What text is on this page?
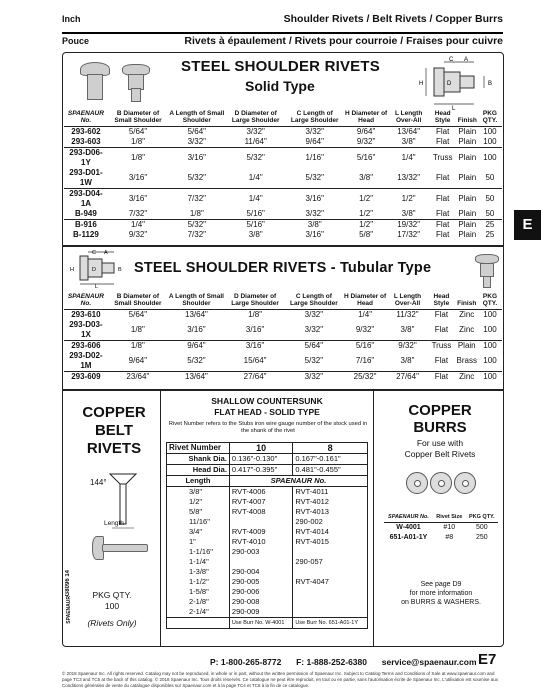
Inch	Shoulder Rivets / Belt Rivets / Copper Burrs
Pouce	Rivets à épaulement / Rivets pour courroie / Fraises pour cuivre
E
STEEL SHOULDER RIVETS
Solid Type
C A
H	D	B
L
SPAENAUR No.	B Diameter of Small Shoulder	A Length of Small Shoulder	D Diameter of Large Shoulder	C Length of Large Shoulder	H Diameter of Head	L Length Over-All	Head Style	Finish	PKG QTY.
293-602	5/64"	5/64"	3/32"	3/32"	9/64"	13/64"	Flat	Plain	100
293-603	1/8"	3/32"	11/64"	9/64"	9/32"	3/8"	Flat	Plain	100
293-D06-1Y	1/8"	3/16"	5/32"	1/16"	5/16"	1/4"	Truss	Plain	100
293-D01-1W	3/16"	5/32"	1/4"	5/32"	3/8"	13/32"	Flat	Plain	50
293-D04-1A	3/16"	7/32"	1/4"	3/16"	1/2"	1/2"	Flat	Plain	50
B-949	7/32"	1/8"	5/16"	3/32"	1/2"	3/8"	Flat	Plain	50
B-916	1/4"	5/32"	5/16"	3/8"	1/2"	19/32"	Flat	Plain	25
B-1129	9/32"	7/32"	3/8"	3/16"	5/8"	17/32"	Flat	Plain	25
C A
H	D	B
L
STEEL SHOULDER RIVETS - Tubular Type
SPAENAUR No.	B Diameter of Small Shoulder	A Length of Small Shoulder	D Diameter of Large Shoulder	C Length of Large Shoulder	H Diameter of Head	L Length Over-All	Head Style	Finish	PKG QTY.
293-610	5/64"	13/64"	1/8"	3/32"	1/4"	11/32"	Flat	Zinc	100
293-D03-1X	1/8"	3/16"	3/16"	3/32"	9/32"	3/8"	Flat	Zinc	100
293-606	1/8"	9/64"	3/16"	5/64"	5/16"	9/32"	Truss	Plain	100
293-D02-1M	9/64"	5/32"	15/64"	5/32"	7/16"	3/8"	Flat	Brass	100
293-609	23/64"	13/64"	27/64"	3/32"	25/32"	27/64"	Flat	Zinc	100
COPPER
BELT
RIVETS
144°
Length
G8096 14
SPAENAUR
PKG QTY.
100
(Rivets Only)
SHALLOW COUNTERSUNK
FLAT HEAD - SOLID TYPE
Rivet Number refers to the Stubs iron wire gauge number of the stock used in the shank of the rivet
Rivet Number	10	8
Shank Dia.	0.136"-0.130"	0.167"-0.161"
Head Dia.	0.417"-0.395"	0.481"-0.455"
Length	SPAENAUR No.	
3/8"	RVT-4006	RVT-4011
1/2"	RVT-4007	RVT-4012
5/8"	RVT-4008	RVT-4013
11/16"		290-002
3/4"	RVT-4009	RVT-4014
1"	RVT-4010	RVT-4015
1-1/16"	290-003	
1-1/4"		290-057
1-3/8"	290-004	
1-1/2"	290-005	RVT-4047
1-5/8"	290-006	
2-1/8"	290-008	
2-1/4"	290-009	
	Use Burr No. W-4001	Use Burr No. 651-A01-1Y
COPPER
BURRS
For use with
Copper Belt Rivets
SPAENAUR No.	Rivet Size	PKG QTY.
W-4001	#10	500
651-A01-1Y	#8	250
See page D9
for more information
on BURRS & WASHERS.
P: 1-800-265-8772 F: 1-888-252-6380 service@spaenaur.com E7
© 2018 Spaenaur Inc. All rights reserved. Catalog may not be reproduced, in whole or in part, without the written permission of Spaenaur Inc. Subject to Catalog Terms and Conditions of Sale at www.spaenaur.com and page TC3 and TC5 at the back of this catalog. © 2018 Spaenaur Inc. Tous droits réservés. Ce catalogue ne peut être reproduit, en tout ou en partie, sans l'autorisation écrite de Spaenaur Inc. L'utilisation est soumise aux Conditions générales de vente du catalogue disponibles sur Spaenaur.com et à la page TC4 et TC6 à la fin de ce catalogue.
